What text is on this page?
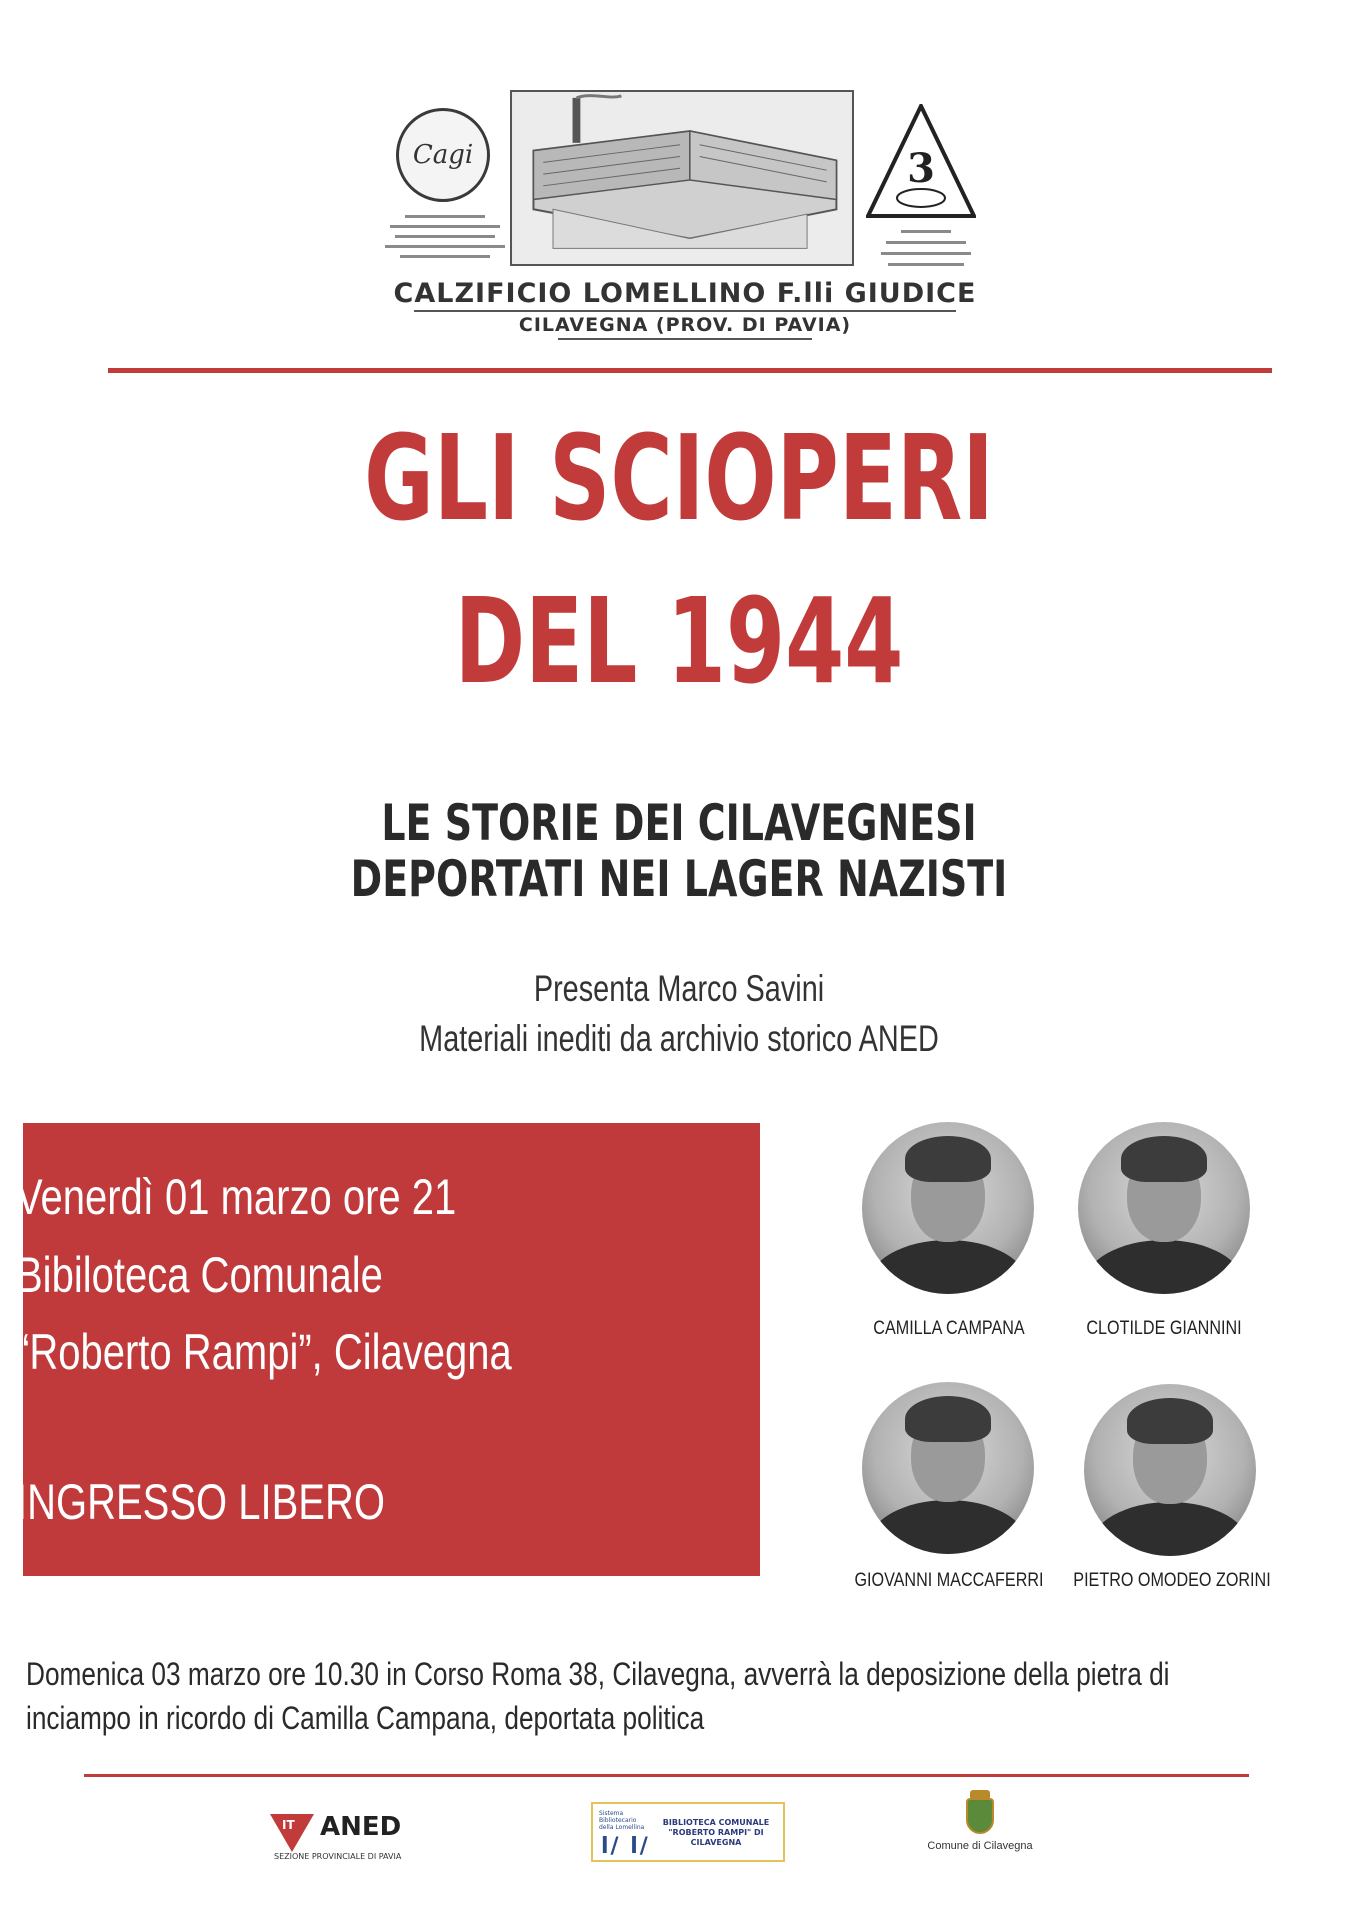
Cagi	3
CALZIFICIO LOMELLINO F.lli GIUDICE
CILAVEGNA (PROV. DI PAVIA)
GLI SCIOPERI
DEL 1944
LE STORIE DEI CILAVEGNESI
DEPORTATI NEI LAGER NAZISTI
Presenta Marco Savini
Materiali inediti da archivio storico ANED
Venerdì 01 marzo ore 21
Bibiloteca Comunale
“Roberto Rampi”, Cilavegna
INGRESSO LIBERO
CAMILLA CAMPANA	CLOTILDE GIANNINI
GIOVANNI MACCAFERRI	PIETRO OMODEO ZORINI
Domenica 03 marzo ore 10.30 in Corso Roma 38, Cilavegna, avverrà la deposizione della pietra di
inciampo in ricordo di Camilla Campana, deportata politica
IT ANED
SEZIONE PROVINCIALE DI PAVIA
Sistema Bibliotecario della Lomellina
l/ l/
BIBLIOTECA COMUNALE "ROBERTO RAMPI" DI CILAVEGNA	Comune di Cilavegna
